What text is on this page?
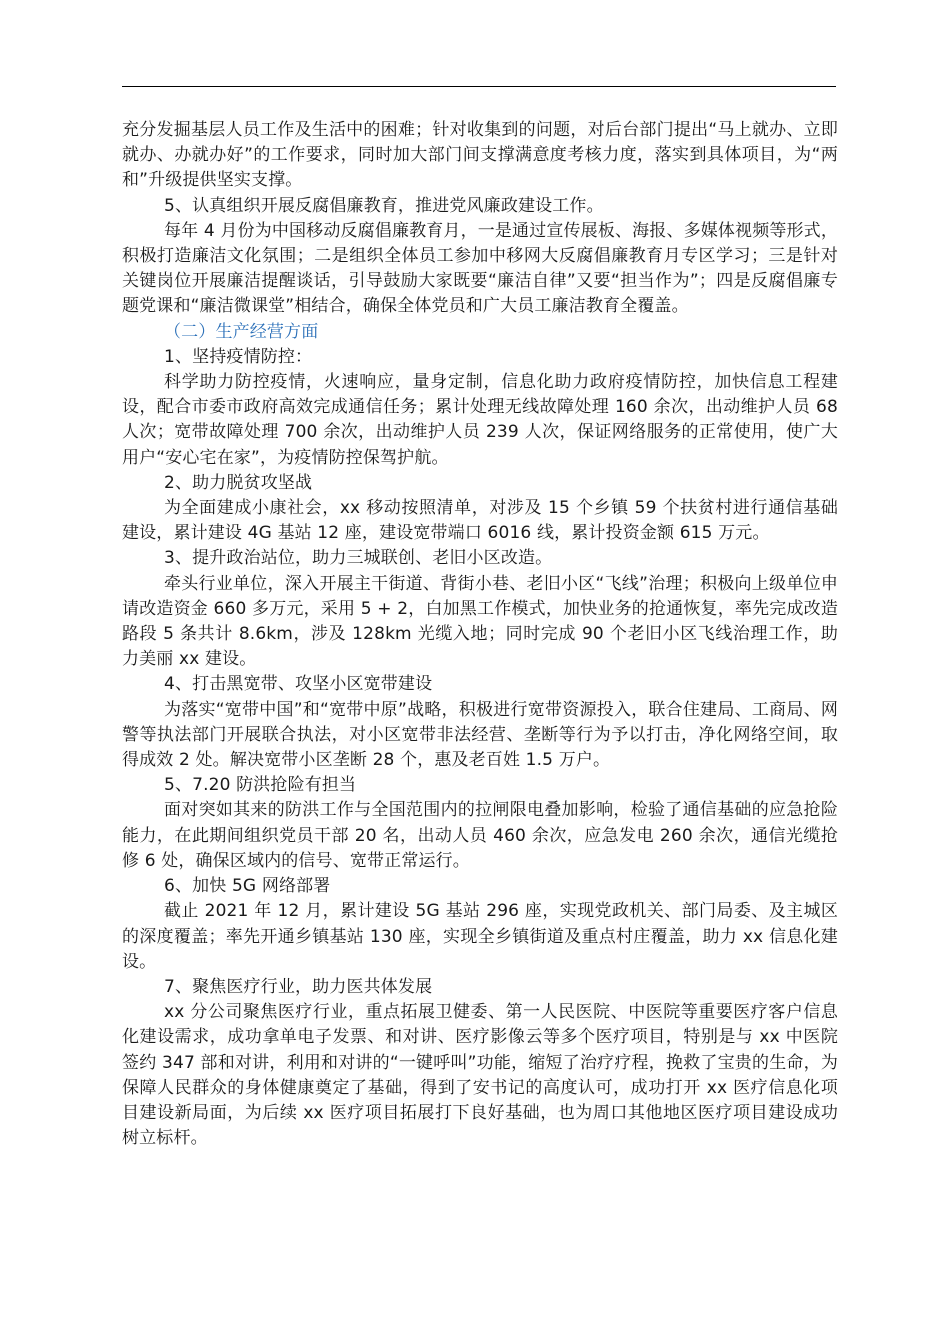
充分发掘基层人员工作及生活中的困难；针对收集到的问题，对后台部门提出“马上就办、立即就办、办就办好”的工作要求，同时加大部门间支撑满意度考核力度，落实到具体项目，为“两和”升级提供坚实支撑。

5、认真组织开展反腐倡廉教育，推进党风廉政建设工作。

每年 4 月份为中国移动反腐倡廉教育月，一是通过宣传展板、海报、多媒体视频等形式，积极打造廉洁文化氛围；二是组织全体员工参加中移网大反腐倡廉教育月专区学习；三是针对关键岗位开展廉洁提醒谈话，引导鼓励大家既要“廉洁自律”又要“担当作为”；四是反腐倡廉专题党课和“廉洁微课堂”相结合，确保全体党员和广大员工廉洁教育全覆盖。

（二）生产经营方面

1、坚持疫情防控：

科学助力防控疫情，火速响应，量身定制，信息化助力政府疫情防控，加快信息工程建设，配合市委市政府高效完成通信任务；累计处理无线故障处理 160 余次，出动维护人员 68 人次；宽带故障处理 700 余次，出动维护人员 239 人次，保证网络服务的正常使用，使广大用户“安心宅在家”，为疫情防控保驾护航。

2、助力脱贫攻坚战

为全面建成小康社会，xx 移动按照清单，对涉及 15 个乡镇 59 个扶贫村进行通信基础建设，累计建设 4G 基站 12 座，建设宽带端口 6016 线，累计投资金额 615 万元。

3、提升政治站位，助力三城联创、老旧小区改造。

牵头行业单位，深入开展主干街道、背街小巷、老旧小区“飞线”治理；积极向上级单位申请改造资金 660 多万元，采用 5 + 2，白加黑工作模式，加快业务的抢通恢复，率先完成改造路段 5 条共计 8.6km，涉及 128km 光缆入地；同时完成 90 个老旧小区飞线治理工作，助力美丽 xx 建设。

4、打击黑宽带、攻坚小区宽带建设

为落实“宽带中国”和“宽带中原”战略，积极进行宽带资源投入，联合住建局、工商局、网警等执法部门开展联合执法，对小区宽带非法经营、垄断等行为予以打击，净化网络空间，取得成效 2 处。解决宽带小区垄断 28 个，惠及老百姓 1.5 万户。

5、7.20 防洪抢险有担当

面对突如其来的防洪工作与全国范围内的拉闸限电叠加影响，检验了通信基础的应急抢险能力，在此期间组织党员干部 20 名，出动人员 460 余次，应急发电 260 余次，通信光缆抢修 6 处，确保区域内的信号、宽带正常运行。

6、加快 5G 网络部署

截止 2021 年 12 月，累计建设 5G 基站 296 座，实现党政机关、部门局委、及主城区的深度覆盖；率先开通乡镇基站 130 座，实现全乡镇街道及重点村庄覆盖，助力 xx 信息化建设。

7、聚焦医疗行业，助力医共体发展

xx 分公司聚焦医疗行业，重点拓展卫健委、第一人民医院、中医院等重要医疗客户信息化建设需求，成功拿单电子发票、和对讲、医疗影像云等多个医疗项目，特别是与 xx 中医院签约 347 部和对讲，利用和对讲的“一键呼叫”功能，缩短了治疗疗程，挽救了宝贵的生命，为保障人民群众的身体健康奠定了基础，得到了安书记的高度认可，成功打开 xx 医疗信息化项目建设新局面，为后续 xx 医疗项目拓展打下良好基础，也为周口其他地区医疗项目建设成功树立标杆。
